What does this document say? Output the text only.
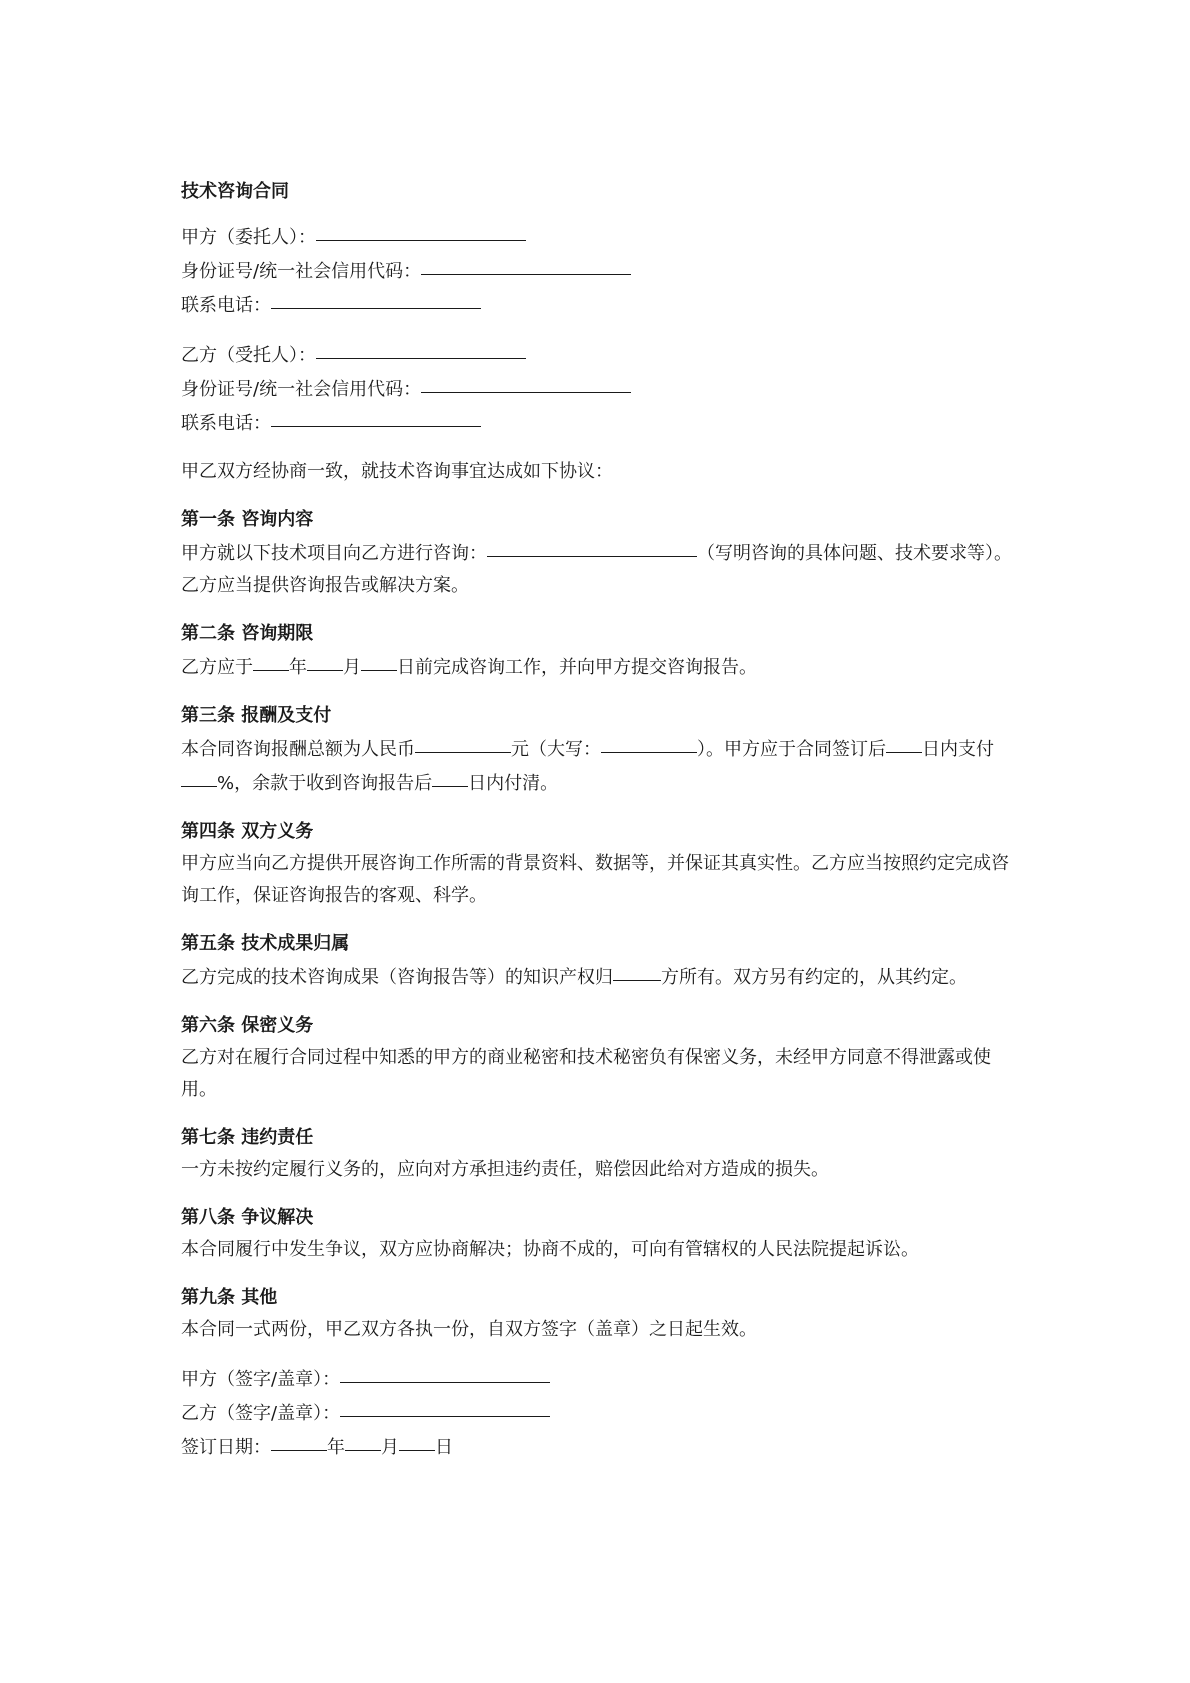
技术咨询合同
甲方（委托人）：
身份证号/统一社会信用代码：
联系电话：
乙方（受托人）：
身份证号/统一社会信用代码：
联系电话：
甲乙双方经协商一致，就技术咨询事宜达成如下协议：
第一条 咨询内容
甲方就以下技术项目向乙方进行咨询：	（写明咨询的具体问题、技术要求等）。
乙方应当提供咨询报告或解决方案。
第二条 咨询期限
乙方应于 年 月 日前完成咨询工作，并向甲方提交咨询报告。
第三条 报酬及支付
本合同咨询报酬总额为人民币	元（大写：	）。甲方应于合同签订后 日内支付%，余款于收到咨询报告后 日内付清。
第四条 双方义务
甲方应当向乙方提供开展咨询工作所需的背景资料、数据等，并保证其真实性。乙方应当按照约定完成咨询工作，保证咨询报告的客观、科学。
第五条 技术成果归属
乙方完成的技术咨询成果（咨询报告等）的知识产权归	方所有。双方另有约定的，从其约定。
第六条 保密义务
乙方对在履行合同过程中知悉的甲方的商业秘密和技术秘密负有保密义务，未经甲方同意不得泄露或使用。
第七条 违约责任
一方未按约定履行义务的，应向对方承担违约责任，赔偿因此给对方造成的损失。
第八条 争议解决
本合同履行中发生争议，双方应协商解决；协商不成的，可向有管辖权的人民法院提起诉讼。
第九条 其他
本合同一式两份，甲乙双方各执一份，自双方签字（盖章）之日起生效。
甲方（签字/盖章）：
乙方（签字/盖章）：
签订日期：	年 月 日
